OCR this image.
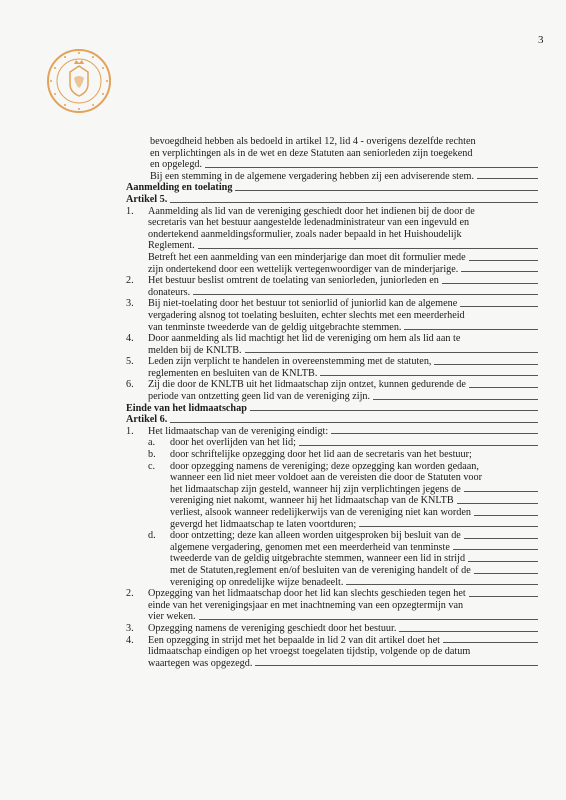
3
bevoegdheid hebben als bedoeld in artikel 12, lid 4 - overigens dezelfde rechten
en verplichtingen als in de wet en deze Statuten aan seniorleden zijn toegekend
en opgelegd.
Bij een stemming in de algemene vergadering hebben zij een adviserende stem.
Aanmelding en toelating
Artikel 5.
1.	Aanmelding als lid van de vereniging geschiedt door het indienen bij de door de
secretaris van het bestuur aangestelde ledenadministrateur van een ingevuld en
ondertekend aanmeldingsformulier, zoals nader bepaald in het Huishoudelijk
Reglement.
Betreft het een aanmelding van een minderjarige dan moet dit formulier mede
zijn ondertekend door een wettelijk vertegenwoordiger van de minderjarige.
2.	Het bestuur beslist omtrent de toelating van seniorleden, juniorleden en
donateurs.
3.	Bij niet-toelating door het bestuur tot seniorlid of juniorlid kan de algemene
vergadering alsnog tot toelating besluiten, echter slechts met een meerderheid
van tenminste tweederde van de geldig uitgebrachte stemmen.
4.	Door aanmelding als lid machtigt het lid de vereniging om hem als lid aan te
melden bij de KNLTB.
5.	Leden zijn verplicht te handelen in overeenstemming met de statuten,
reglementen en besluiten van de KNLTB.
6.	Zij die door de KNLTB uit het lidmaatschap zijn ontzet, kunnen gedurende de
periode van ontzetting geen lid van de vereniging zijn.
Einde van het lidmaatschap
Artikel 6.
1.	Het lidmaatschap van de vereniging eindigt:
a.	door het overlijden van het lid;
b.	door schriftelijke opzegging door het lid aan de secretaris van het bestuur;
c.	door opzegging namens de vereniging; deze opzegging kan worden gedaan,
wanneer een lid niet meer voldoet aan de vereisten die door de Statuten voor
het lidmaatschap zijn gesteld, wanneer hij zijn verplichtingen jegens de
vereniging niet nakomt, wanneer hij het lidmaatschap van de KNLTB
verliest, alsook wanneer redelijkerwijs van de vereniging niet kan worden
gevergd het lidmaatschap te laten voortduren;
d.	door ontzetting; deze kan alleen worden uitgesproken bij besluit van de
algemene vergadering, genomen met een meerderheid van tenminste
tweederde van de geldig uitgebrachte stemmen, wanneer een lid in strijd
met de Statuten,reglement en/of besluiten van de vereniging handelt of de
vereniging op onredelijke wijze benadeelt.
2.	Opzegging van het lidmaatschap door het lid kan slechts geschieden tegen het
einde van het verenigingsjaar en met inachtneming van een opzegtermijn van
vier weken.
3.	Opzegging namens de vereniging geschiedt door het bestuur.
4.	Een opzegging in strijd met het bepaalde in lid 2 van dit artikel doet het
lidmaatschap eindigen op het vroegst toegelaten tijdstip, volgende op de datum
waartegen was opgezegd.
